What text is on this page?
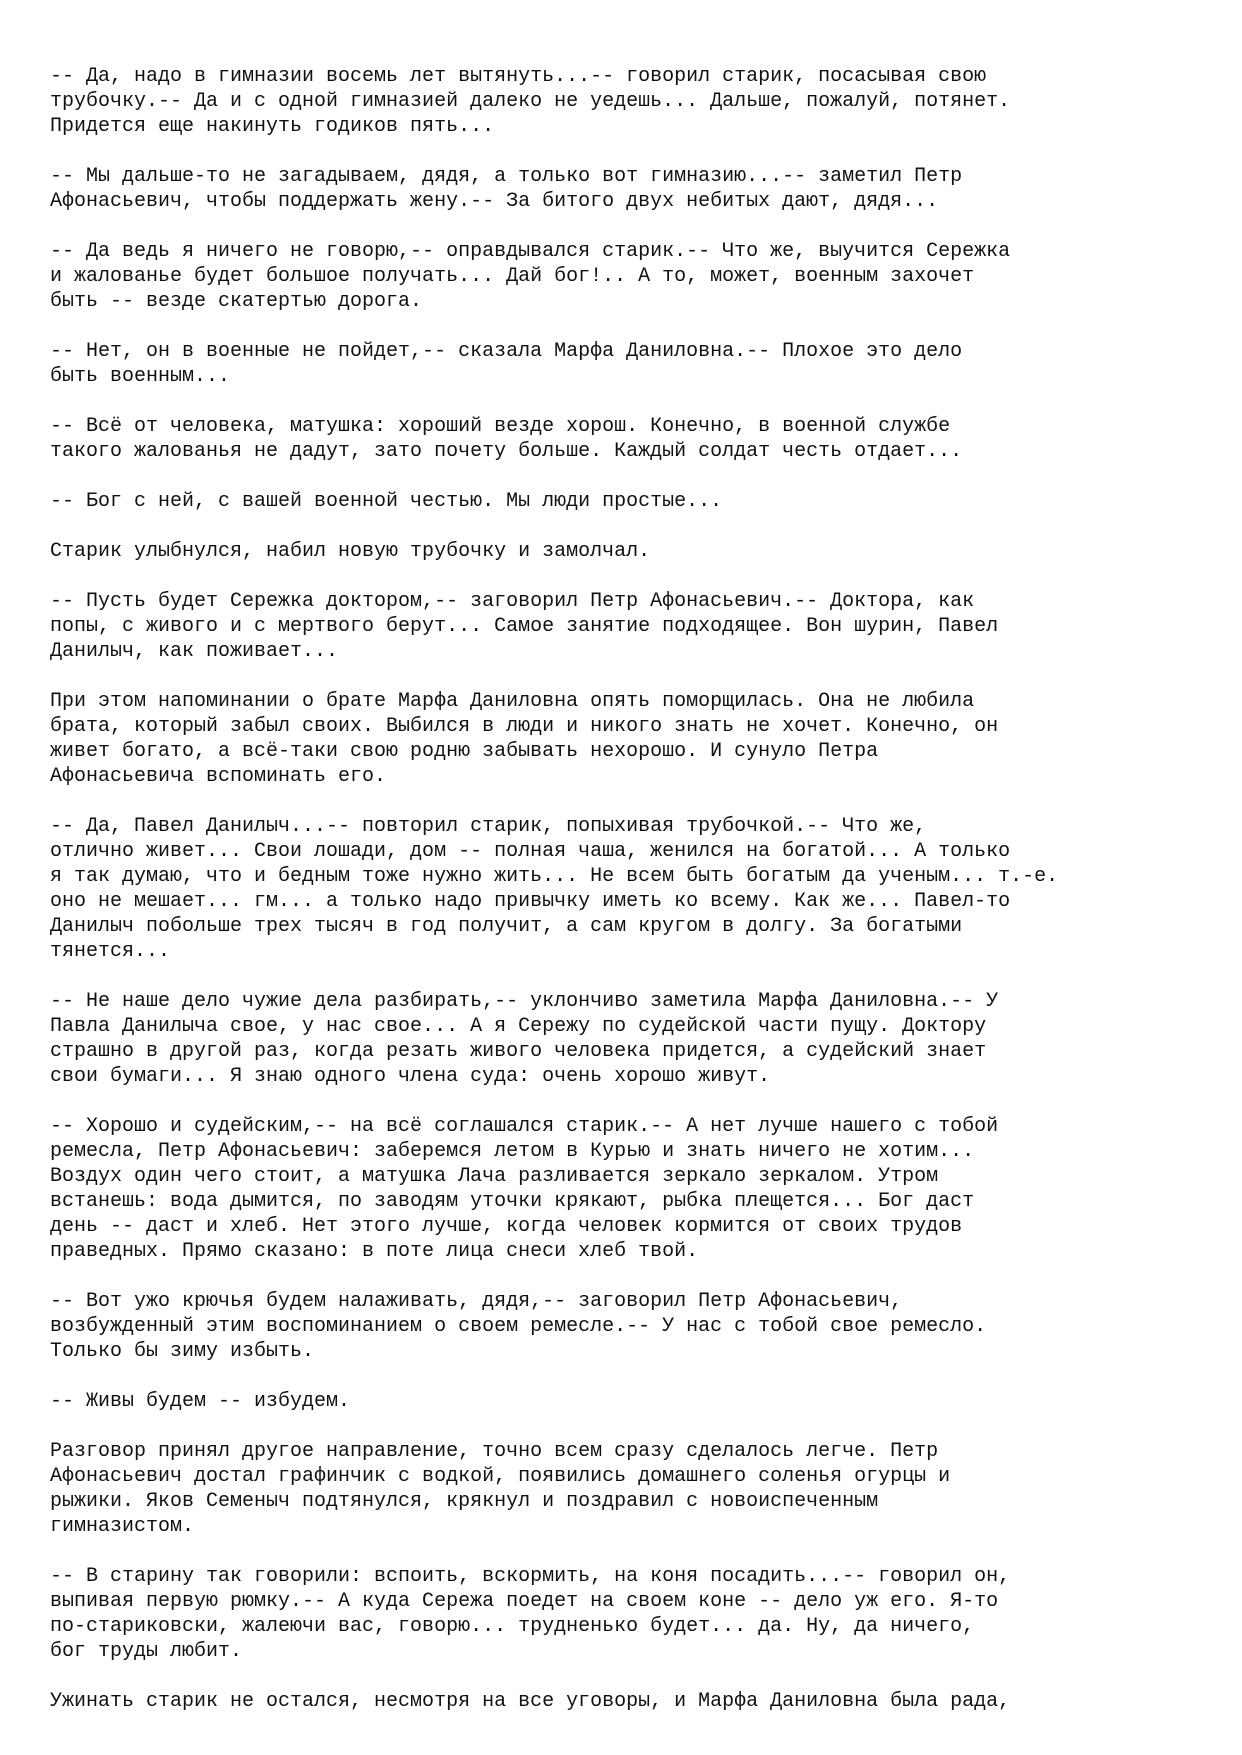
-- Да, надо в гимназии восемь лет вытянуть...-- говорил старик, посасывая свою
трубочку.-- Да и с одной гимназией далеко не уедешь... Дальше, пожалуй, потянет.
Придется еще накинуть годиков пять...
-- Мы дальше-то не загадываем, дядя, а только вот гимназию...-- заметил Петр
Афонасьевич, чтобы поддержать жену.-- За битого двух небитых дают, дядя...
-- Да ведь я ничего не говорю,-- оправдывался старик.-- Что же, выучится Сережка
и жалованье будет большое получать... Дай бог!.. А то, может, военным захочет
быть -- везде скатертью дорога.
-- Нет, он в военные не пойдет,-- сказала Марфа Даниловна.-- Плохое это дело
быть военным...
-- Всё от человека, матушка: хороший везде хорош. Конечно, в военной службе
такого жалованья не дадут, зато почету больше. Каждый солдат честь отдает...
-- Бог с ней, с вашей военной честью. Мы люди простые...
Старик улыбнулся, набил новую трубочку и замолчал.
-- Пусть будет Сережка доктором,-- заговорил Петр Афонасьевич.-- Доктора, как
попы, с живого и с мертвого берут... Самое занятие подходящее. Вон шурин, Павел
Данилыч, как поживает...
При этом напоминании о брате Марфа Даниловна опять поморщилась. Она не любила
брата, который забыл своих. Выбился в люди и никого знать не хочет. Конечно, он
живет богато, а всё-таки свою родню забывать нехорошо. И сунуло Петра
Афонасьевича вспоминать его.
-- Да, Павел Данилыч...-- повторил старик, попыхивая трубочкой.-- Что же,
отлично живет... Свои лошади, дом -- полная чаша, женился на богатой... А только
я так думаю, что и бедным тоже нужно жить... Не всем быть богатым да ученым... т.-е.
оно не мешает... гм... а только надо привычку иметь ко всему. Как же... Павел-то
Данилыч побольше трех тысяч в год получит, а сам кругом в долгу. За богатыми
тянется...
-- Не наше дело чужие дела разбирать,-- уклончиво заметила Марфа Даниловна.-- У
Павла Данилыча свое, у нас свое... А я Сережу по судейской части пущу. Доктору
страшно в другой раз, когда резать живого человека придется, а судейский знает
свои бумаги... Я знаю одного члена суда: очень хорошо живут.
-- Хорошо и судейским,-- на всё соглашался старик.-- А нет лучше нашего с тобой
ремесла, Петр Афонасьевич: заберемся летом в Курью и знать ничего не хотим...
Воздух один чего стоит, а матушка Лача разливается зеркало зеркалом. Утром
встанешь: вода дымится, по заводям уточки крякают, рыбка плещется... Бог даст
день -- даст и хлеб. Нет этого лучше, когда человек кормится от своих трудов
праведных. Прямо сказано: в поте лица снеси хлеб твой.
-- Вот ужо крючья будем налаживать, дядя,-- заговорил Петр Афонасьевич,
возбужденный этим воспоминанием о своем ремесле.-- У нас с тобой свое ремесло.
Только бы зиму избыть.
-- Живы будем -- избудем.
Разговор принял другое направление, точно всем сразу сделалось легче. Петр
Афонасьевич достал графинчик с водкой, появились домашнего соленья огурцы и
рыжики. Яков Семеныч подтянулся, крякнул и поздравил с новоиспеченным
гимназистом.
-- В старину так говорили: вспоить, вскормить, на коня посадить...-- говорил он,
выпивая первую рюмку.-- А куда Сережа поедет на своем коне -- дело уж его. Я-то
по-стариковски, жалеючи вас, говорю... трудненько будет... да. Ну, да ничего,
бог труды любит.
Ужинать старик не остался, несмотря на все уговоры, и Марфа Даниловна была рада,
